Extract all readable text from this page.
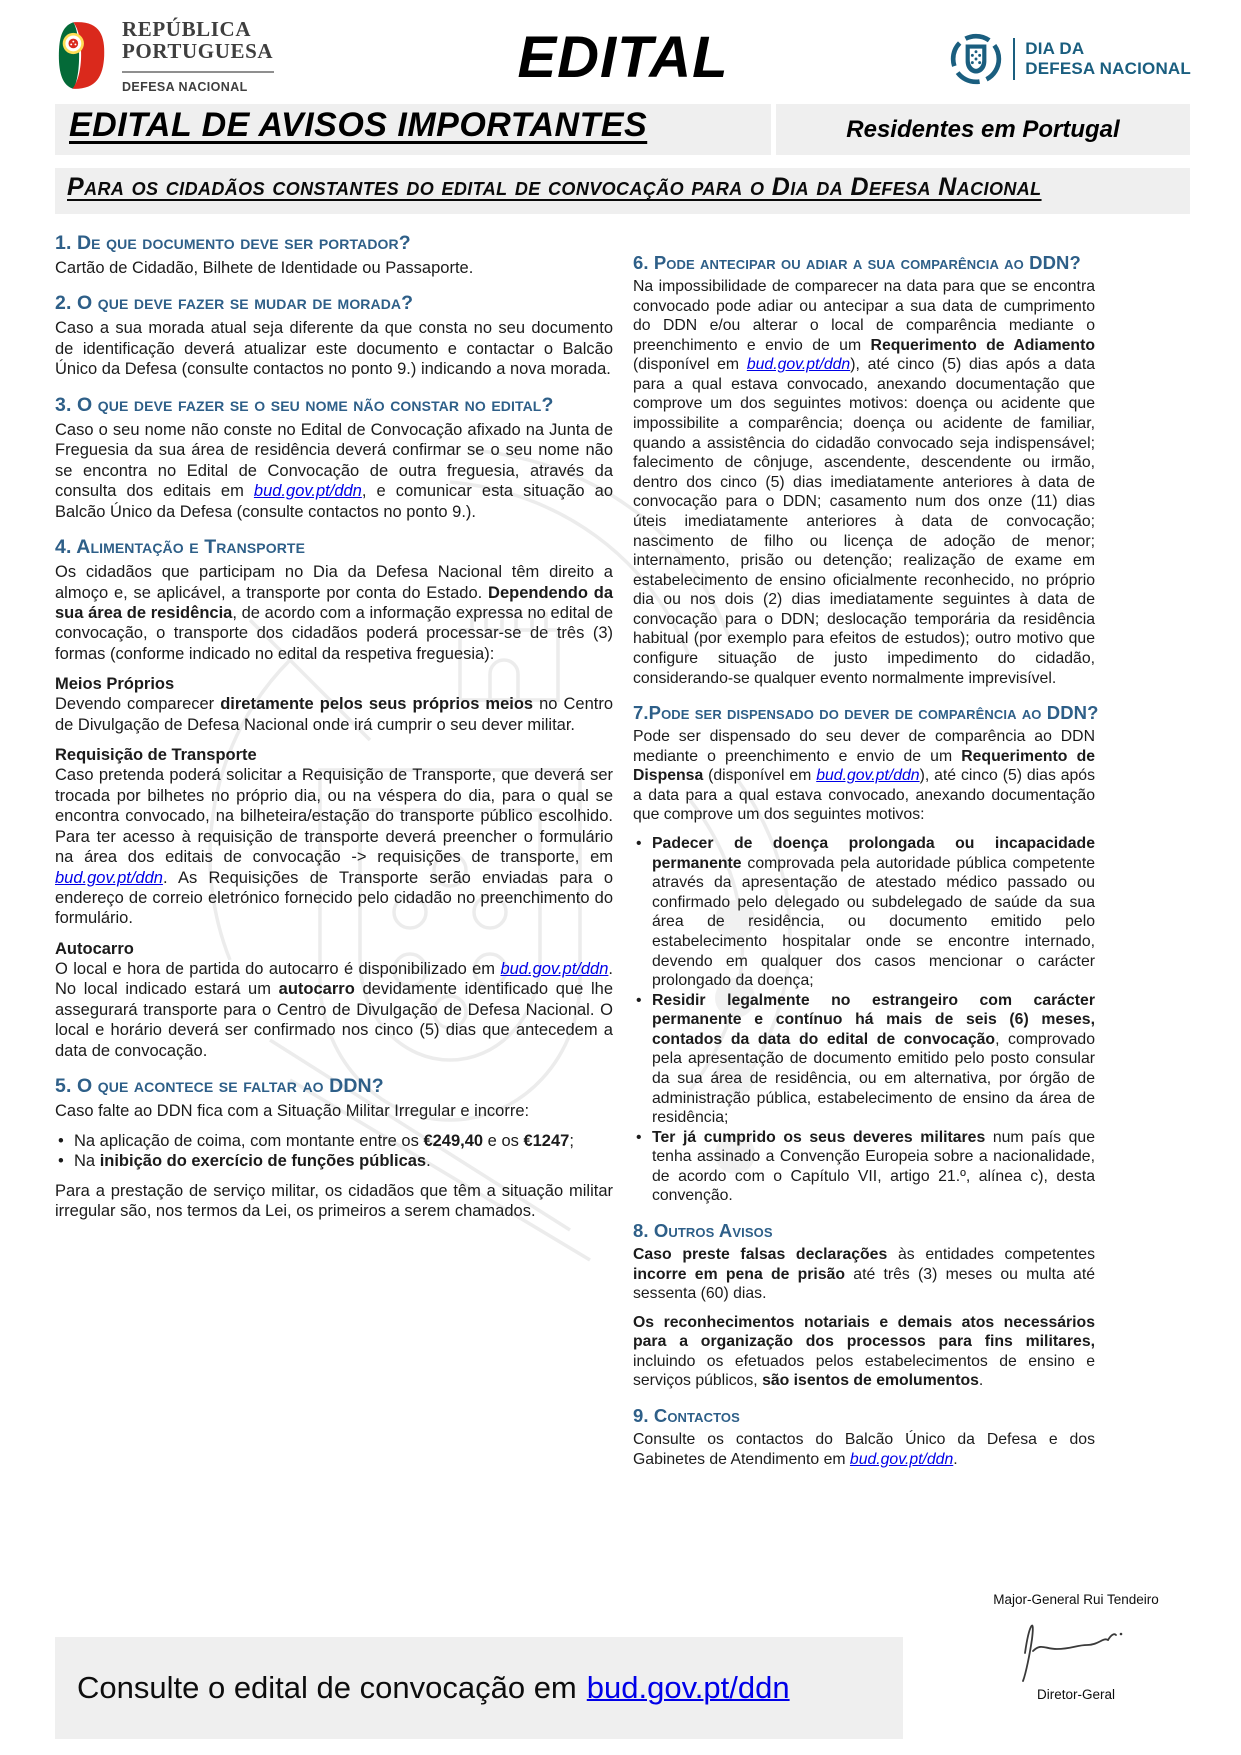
REPÚBLICA
PORTUGUESA
DEFESA NACIONAL	EDITAL	DIA DA
DEFESA NACIONAL
EDITAL DE AVISOS IMPORTANTES	Residentes em Portugal
Para os cidadãos constantes do edital de convocação para o Dia da Defesa Nacional
1. De que documento deve ser portador?

Cartão de Cidadão, Bilhete de Identidade ou Passaporte.

2. O que deve fazer se mudar de morada?

Caso a sua morada atual seja diferente da que consta no seu documento de identificação deverá atualizar este documento e contactar o Balcão Único da Defesa (consulte contactos no ponto 9.) indicando a nova morada.

3. O que deve fazer se o seu nome não constar no edital?

Caso o seu nome não conste no Edital de Convocação afixado na Junta de Freguesia da sua área de residência deverá confirmar se o seu nome não se encontra no Edital de Convocação de outra freguesia, através da consulta dos editais em bud.gov.pt/ddn, e comunicar esta situação ao Balcão Único da Defesa (consulte contactos no ponto 9.).

4. Alimentação e Transporte

Os cidadãos que participam no Dia da Defesa Nacional têm direito a almoço e, se aplicável, a transporte por conta do Estado. Dependendo da sua área de residência, de acordo com a informação expressa no edital de convocação, o transporte dos cidadãos poderá processar-se de três (3) formas (conforme indicado no edital da respetiva freguesia):

Meios Próprios

Devendo comparecer diretamente pelos seus próprios meios no Centro de Divulgação de Defesa Nacional onde irá cumprir o seu dever militar.

Requisição de Transporte

Caso pretenda poderá solicitar a Requisição de Transporte, que deverá ser trocada por bilhetes no próprio dia, ou na véspera do dia, para o qual se encontra convocado, na bilheteira/estação do transporte público escolhido. Para ter acesso à requisição de transporte deverá preencher o formulário na área dos editais de convocação -> requisições de transporte, em bud.gov.pt/ddn. As Requisições de Transporte serão enviadas para o endereço de correio eletrónico fornecido pelo cidadão no preenchimento do formulário.

Autocarro

O local e hora de partida do autocarro é disponibilizado em bud.gov.pt/ddn. No local indicado estará um autocarro devidamente identificado que lhe assegurará transporte para o Centro de Divulgação de Defesa Nacional. O local e horário deverá ser confirmado nos cinco (5) dias que antecedem a data de convocação.

5. O que acontece se faltar ao DDN?

Caso falte ao DDN fica com a Situação Militar Irregular e incorre:

• Na aplicação de coima, com montante entre os €249,40 e os €1247;
• Na inibição do exercício de funções públicas.

Para a prestação de serviço militar, os cidadãos que têm a situação militar irregular são, nos termos da Lei, os primeiros a serem chamados.

6. Pode antecipar ou adiar a sua comparência ao DDN?

Na impossibilidade de comparecer na data para que se encontra convocado pode adiar ou antecipar a sua data de cumprimento do DDN e/ou alterar o local de comparência mediante o preenchimento e envio de um Requerimento de Adiamento (disponível em bud.gov.pt/ddn), até cinco (5) dias após a data para a qual estava convocado, anexando documentação que comprove um dos seguintes motivos: doença ou acidente que impossibilite a comparência; doença ou acidente de familiar, quando a assistência do cidadão convocado seja indispensável; falecimento de cônjuge, ascendente, descendente ou irmão, dentro dos cinco (5) dias imediatamente anteriores à data de convocação para o DDN; casamento num dos onze (11) dias úteis imediatamente anteriores à data de convocação; nascimento de filho ou licença de adoção de menor; internamento, prisão ou detenção; realização de exame em estabelecimento de ensino oficialmente reconhecido, no próprio dia ou nos dois (2) dias imediatamente seguintes à data de convocação para o DDN; deslocação temporária da residência habitual (por exemplo para efeitos de estudos); outro motivo que configure situação de justo impedimento do cidadão, considerando-se qualquer evento normalmente imprevisível.

7.Pode ser dispensado do dever de comparência ao DDN?

Pode ser dispensado do seu dever de comparência ao DDN mediante o preenchimento e envio de um Requerimento de Dispensa (disponível em bud.gov.pt/ddn), até cinco (5) dias após a data para a qual estava convocado, anexando documentação que comprove um dos seguintes motivos:

• Padecer de doença prolongada ou incapacidade permanente comprovada pela autoridade pública competente através da apresentação de atestado médico passado ou confirmado pelo delegado ou subdelegado de saúde da sua área de residência, ou documento emitido pelo estabelecimento hospitalar onde se encontre internado, devendo em qualquer dos casos mencionar o carácter prolongado da doença;
• Residir legalmente no estrangeiro com carácter permanente e contínuo há mais de seis (6) meses, contados da data do edital de convocação, comprovado pela apresentação de documento emitido pelo posto consular da sua área de residência, ou em alternativa, por órgão de administração pública, estabelecimento de ensino da área de residência;
• Ter já cumprido os seus deveres militares num país que tenha assinado a Convenção Europeia sobre a nacionalidade, de acordo com o Capítulo VII, artigo 21.º, alínea c), desta convenção.
8. Outros Avisos

Caso preste falsas declarações às entidades competentes incorre em pena de prisão até três (3) meses ou multa até sessenta (60) dias.

Os reconhecimentos notariais e demais atos necessários para a organização dos processos para fins militares, incluindo os efetuados pelos estabelecimentos de ensino e serviços públicos, são isentos de emolumentos.

9. Contactos

Consulte os contactos do Balcão Único da Defesa e dos Gabinetes de Atendimento em bud.gov.pt/ddn.

Consulte o edital de convocação em bud.gov.pt/ddn
Major-General Rui Tendeiro
Diretor-Geral
